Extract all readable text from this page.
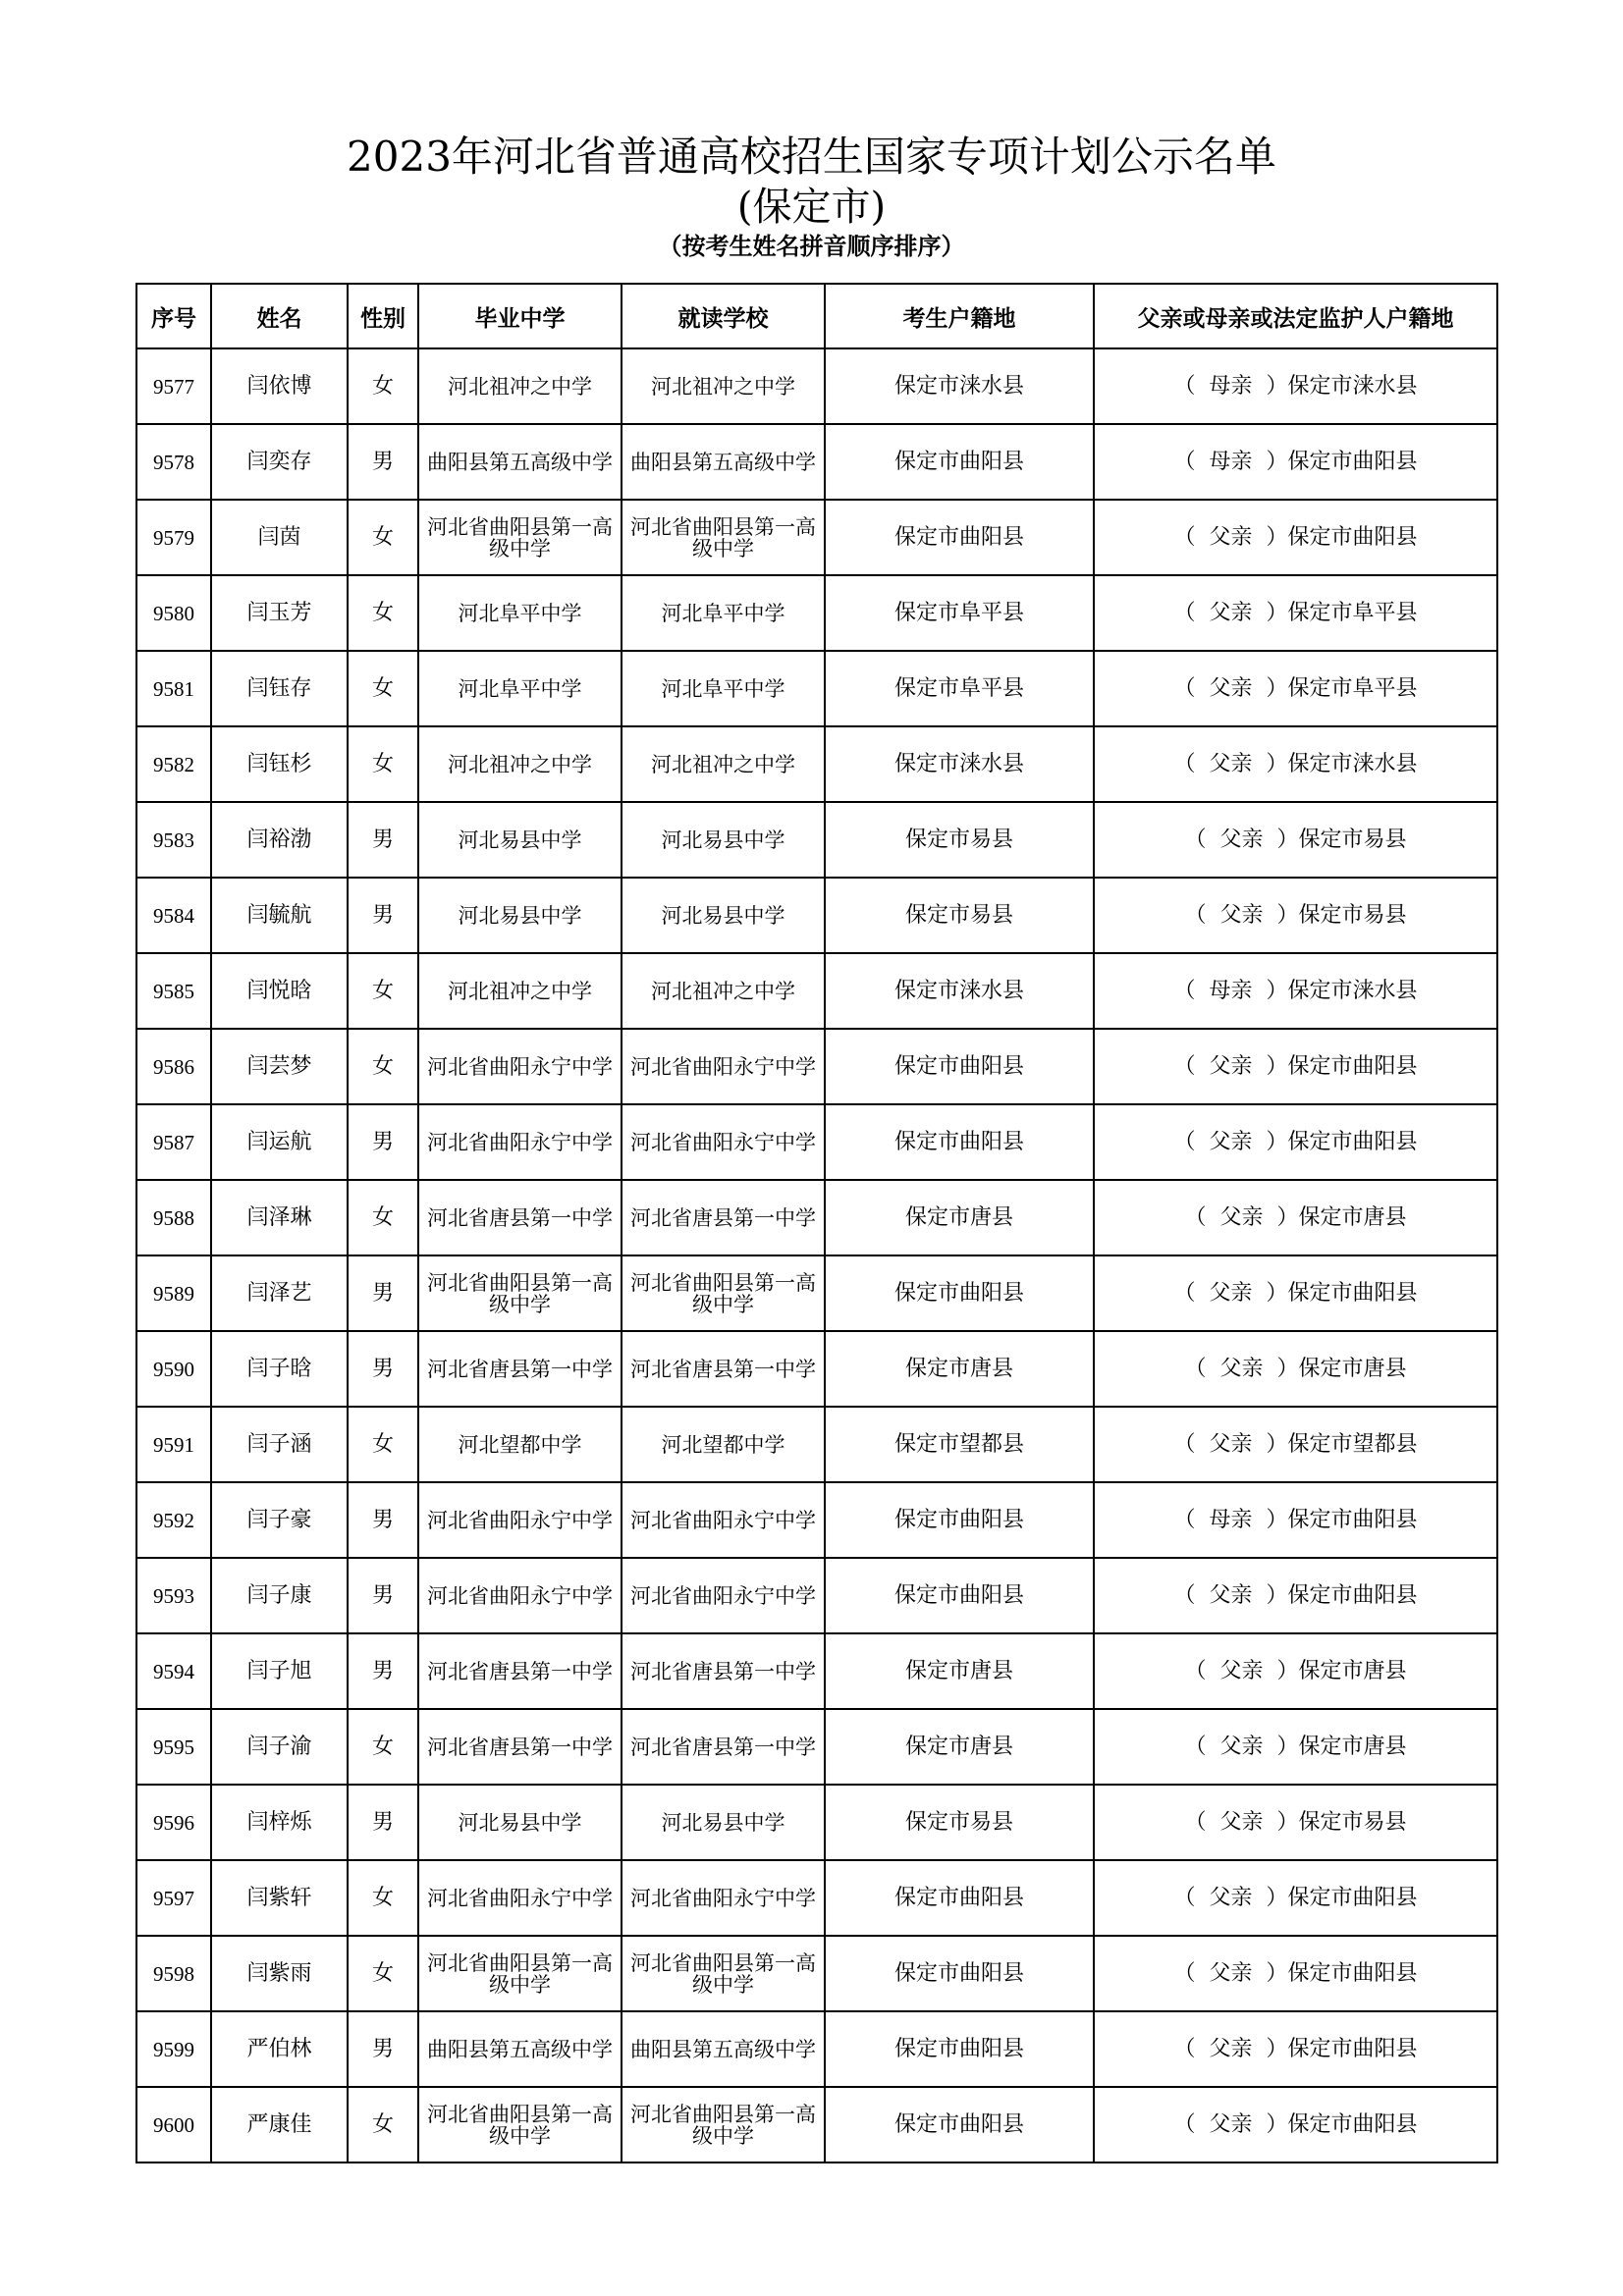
2023年河北省普通高校招生国家专项计划公示名单
(保定市)
（按考生姓名拼音顺序排序）
序号	姓名	性别	毕业中学	就读学校	考生户籍地	父亲或母亲或法定监护人户籍地
9577	闫依博	女	河北祖冲之中学	河北祖冲之中学	保定市涞水县	（ 母亲 ）保定市涞水县
9578	闫奕存	男	曲阳县第五高级中学	曲阳县第五高级中学	保定市曲阳县	（ 母亲 ）保定市曲阳县
9579	闫茵	女	河北省曲阳县第一高级中学	河北省曲阳县第一高级中学	保定市曲阳县	（ 父亲 ）保定市曲阳县
9580	闫玉芳	女	河北阜平中学	河北阜平中学	保定市阜平县	（ 父亲 ）保定市阜平县
9581	闫钰存	女	河北阜平中学	河北阜平中学	保定市阜平县	（ 父亲 ）保定市阜平县
9582	闫钰杉	女	河北祖冲之中学	河北祖冲之中学	保定市涞水县	（ 父亲 ）保定市涞水县
9583	闫裕渤	男	河北易县中学	河北易县中学	保定市易县	（ 父亲 ）保定市易县
9584	闫毓航	男	河北易县中学	河北易县中学	保定市易县	（ 父亲 ）保定市易县
9585	闫悦晗	女	河北祖冲之中学	河北祖冲之中学	保定市涞水县	（ 母亲 ）保定市涞水县
9586	闫芸梦	女	河北省曲阳永宁中学	河北省曲阳永宁中学	保定市曲阳县	（ 父亲 ）保定市曲阳县
9587	闫运航	男	河北省曲阳永宁中学	河北省曲阳永宁中学	保定市曲阳县	（ 父亲 ）保定市曲阳县
9588	闫泽琳	女	河北省唐县第一中学	河北省唐县第一中学	保定市唐县	（ 父亲 ）保定市唐县
9589	闫泽艺	男	河北省曲阳县第一高级中学	河北省曲阳县第一高级中学	保定市曲阳县	（ 父亲 ）保定市曲阳县
9590	闫子晗	男	河北省唐县第一中学	河北省唐县第一中学	保定市唐县	（ 父亲 ）保定市唐县
9591	闫子涵	女	河北望都中学	河北望都中学	保定市望都县	（ 父亲 ）保定市望都县
9592	闫子豪	男	河北省曲阳永宁中学	河北省曲阳永宁中学	保定市曲阳县	（ 母亲 ）保定市曲阳县
9593	闫子康	男	河北省曲阳永宁中学	河北省曲阳永宁中学	保定市曲阳县	（ 父亲 ）保定市曲阳县
9594	闫子旭	男	河北省唐县第一中学	河北省唐县第一中学	保定市唐县	（ 父亲 ）保定市唐县
9595	闫子渝	女	河北省唐县第一中学	河北省唐县第一中学	保定市唐县	（ 父亲 ）保定市唐县
9596	闫梓烁	男	河北易县中学	河北易县中学	保定市易县	（ 父亲 ）保定市易县
9597	闫紫轩	女	河北省曲阳永宁中学	河北省曲阳永宁中学	保定市曲阳县	（ 父亲 ）保定市曲阳县
9598	闫紫雨	女	河北省曲阳县第一高级中学	河北省曲阳县第一高级中学	保定市曲阳县	（ 父亲 ）保定市曲阳县
9599	严伯林	男	曲阳县第五高级中学	曲阳县第五高级中学	保定市曲阳县	（ 父亲 ）保定市曲阳县
9600	严康佳	女	河北省曲阳县第一高级中学	河北省曲阳县第一高级中学	保定市曲阳县	（ 父亲 ）保定市曲阳县
